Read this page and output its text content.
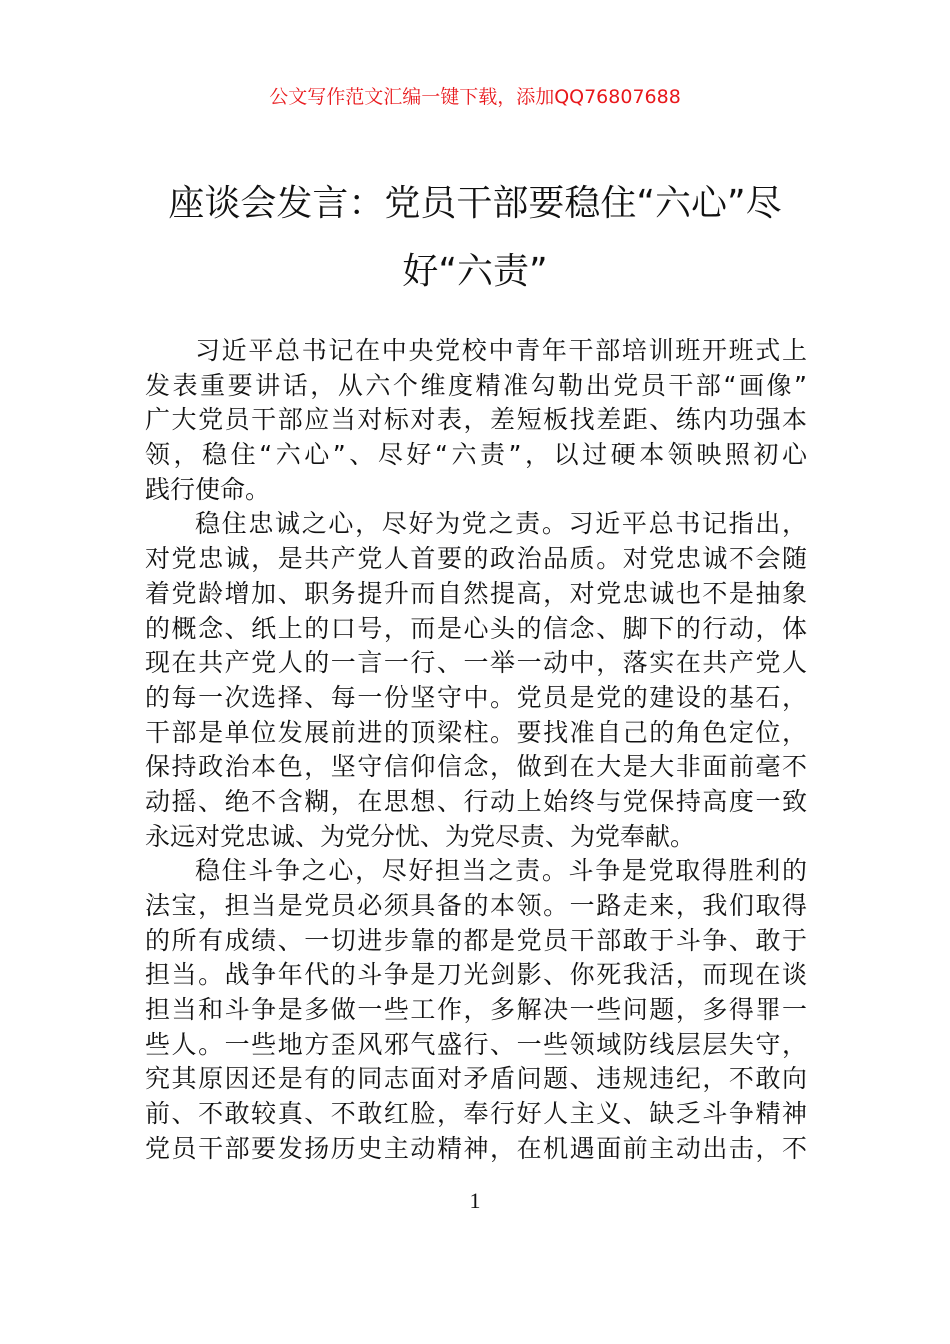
公文写作范文汇编一键下载，添加QQ76807688
座谈会发言：党员干部要稳住“六心”尽
好“六责”
习近平总书记在中央党校中青年干部培训班开班式上
发表重要讲话，从六个维度精准勾勒出党员干部“画像”
广大党员干部应当对标对表，差短板找差距、练内功强本
领，稳住“六心”、尽好“六责”，以过硬本领映照初心
践行使命。
稳住忠诚之心，尽好为党之责。习近平总书记指出，
对党忠诚，是共产党人首要的政治品质。对党忠诚不会随
着党龄增加、职务提升而自然提高，对党忠诚也不是抽象
的概念、纸上的口号，而是心头的信念、脚下的行动，体
现在共产党人的一言一行、一举一动中，落实在共产党人
的每一次选择、每一份坚守中。党员是党的建设的基石，
干部是单位发展前进的顶梁柱。要找准自己的角色定位，
保持政治本色，坚守信仰信念，做到在大是大非面前毫不
动摇、绝不含糊，在思想、行动上始终与党保持高度一致
永远对党忠诚、为党分忧、为党尽责、为党奉献。
稳住斗争之心，尽好担当之责。斗争是党取得胜利的
法宝，担当是党员必须具备的本领。一路走来，我们取得
的所有成绩、一切进步靠的都是党员干部敢于斗争、敢于
担当。战争年代的斗争是刀光剑影、你死我活，而现在谈
担当和斗争是多做一些工作，多解决一些问题，多得罪一
些人。一些地方歪风邪气盛行、一些领域防线层层失守，
究其原因还是有的同志面对矛盾问题、违规违纪，不敢向
前、不敢较真、不敢红脸，奉行好人主义、缺乏斗争精神
党员干部要发扬历史主动精神，在机遇面前主动出击，不
1
